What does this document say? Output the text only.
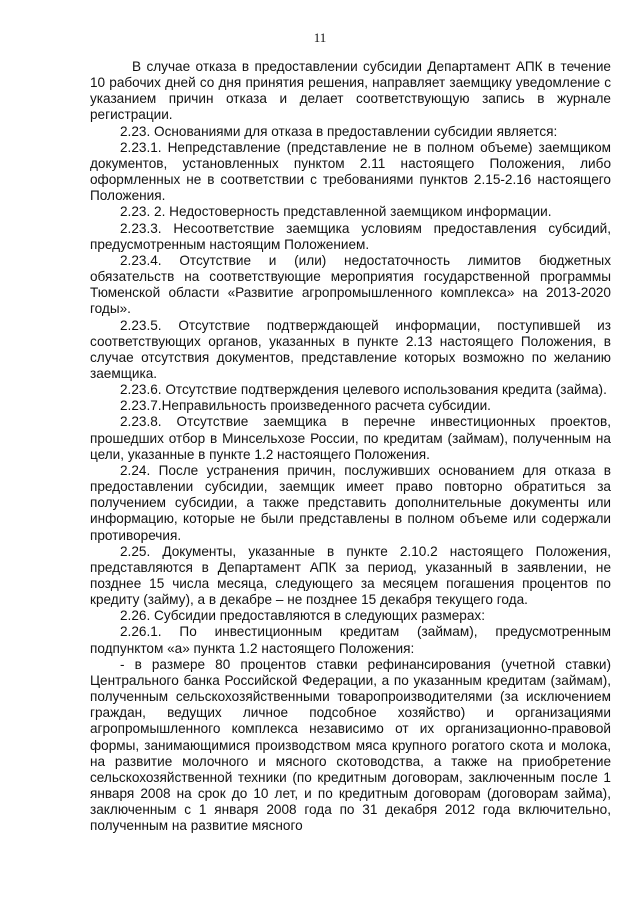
11

В случае отказа в предоставлении субсидии Департамент АПК в течение 10 рабочих дней со дня принятия решения, направляет заемщику уведомление с указанием причин отказа и делает соответствующую запись в журнале регистрации.

2.23. Основаниями для отказа в предоставлении субсидии является:

2.23.1. Непредставление (представление не в полном объеме) заемщиком документов, установленных пунктом 2.11 настоящего Положения, либо оформленных не в соответствии с требованиями пунктов 2.15-2.16 настоящего Положения.

2.23. 2. Недостоверность представленной заемщиком информации.

2.23.3. Несоответствие заемщика условиям предоставления субсидий, предусмотренным настоящим Положением.

2.23.4. Отсутствие и (или) недостаточность лимитов бюджетных обязательств на соответствующие мероприятия государственной программы Тюменской области «Развитие агропромышленного комплекса» на 2013-2020 годы».

2.23.5. Отсутствие подтверждающей информации, поступившей из соответствующих органов, указанных в пункте 2.13 настоящего Положения, в случае отсутствия документов, представление которых возможно по желанию заемщика.

2.23.6. Отсутствие подтверждения целевого использования кредита (займа).

2.23.7.Неправильность произведенного расчета субсидии.

2.23.8. Отсутствие заемщика в перечне инвестиционных проектов, прошедших отбор в Минсельхозе России, по кредитам (займам), полученным на цели, указанные в пункте 1.2 настоящего Положения.

2.24. После устранения причин, послуживших основанием для отказа в предоставлении субсидии, заемщик имеет право повторно обратиться за получением субсидии, а также представить дополнительные документы или информацию, которые не были представлены в полном объеме или содержали противоречия.

2.25. Документы, указанные в пункте 2.10.2 настоящего Положения, представляются в Департамент АПК за период, указанный в заявлении, не позднее 15 числа месяца, следующего за месяцем погашения процентов по кредиту (займу), а в декабре – не позднее 15 декабря текущего года.

2.26. Субсидии предоставляются в следующих размерах:

2.26.1. По инвестиционным кредитам (займам), предусмотренным подпунктом «а» пункта 1.2 настоящего Положения:

- в размере 80 процентов ставки рефинансирования (учетной ставки) Центрального банка Российской Федерации, а по указанным кредитам (займам), полученным сельскохозяйственными товаропроизводителями (за исключением граждан, ведущих личное подсобное хозяйство) и организациями агропромышленного комплекса независимо от их организационно-правовой формы, занимающимися производством мяса крупного рогатого скота и молока, на развитие молочного и мясного скотоводства, а также на приобретение сельскохозяйственной техники (по кредитным договорам, заключенным после 1 января 2008 на срок до 10 лет, и по кредитным договорам (договорам займа), заключенным с 1 января 2008 года по 31 декабря 2012 года включительно, полученным на развитие мясного
